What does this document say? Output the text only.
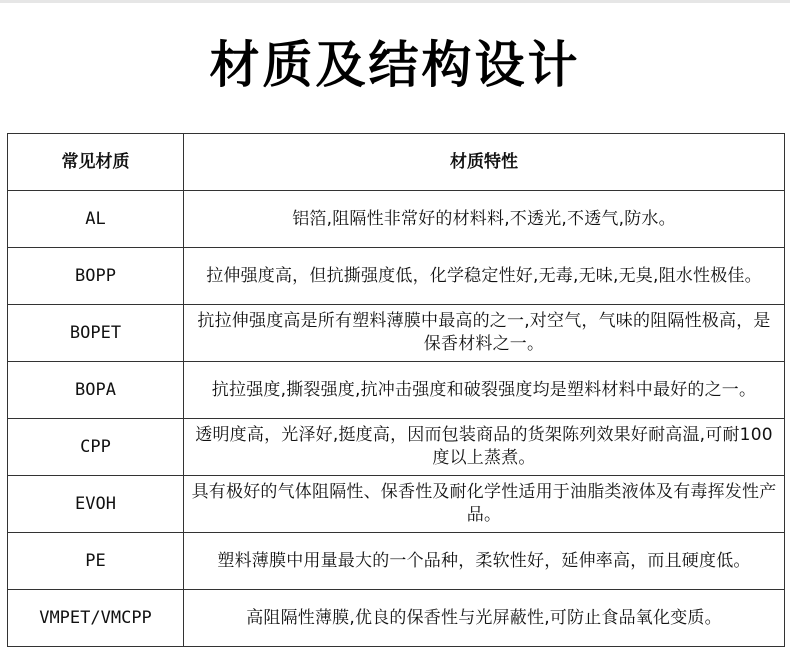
材质及结构设计
常见材质	材质特性
AL	铝箔,阻隔性非常好的材料料,不透光,不透气,防水。
BOPP	拉伸强度高，但抗撕强度低，化学稳定性好,无毒,无味,无臭,阻水性极佳。
BOPET	抗拉伸强度高是所有塑料薄膜中最高的之一,对空气，气味的阻隔性极高，是保香材料之一。
BOPA	抗拉强度,撕裂强度,抗冲击强度和破裂强度均是塑料材料中最好的之一。
CPP	透明度高，光泽好,挺度高，因而包装商品的货架陈列效果好耐高温,可耐100度以上蒸煮。
EVOH	具有极好的气体阻隔性、保香性及耐化学性适用于油脂类液体及有毒挥发性产品。
PE	塑料薄膜中用量最大的一个品种，柔软性好，延伸率高，而且硬度低。
VMPET/VMCPP	高阻隔性薄膜,优良的保香性与光屏蔽性,可防止食品氧化变质。
